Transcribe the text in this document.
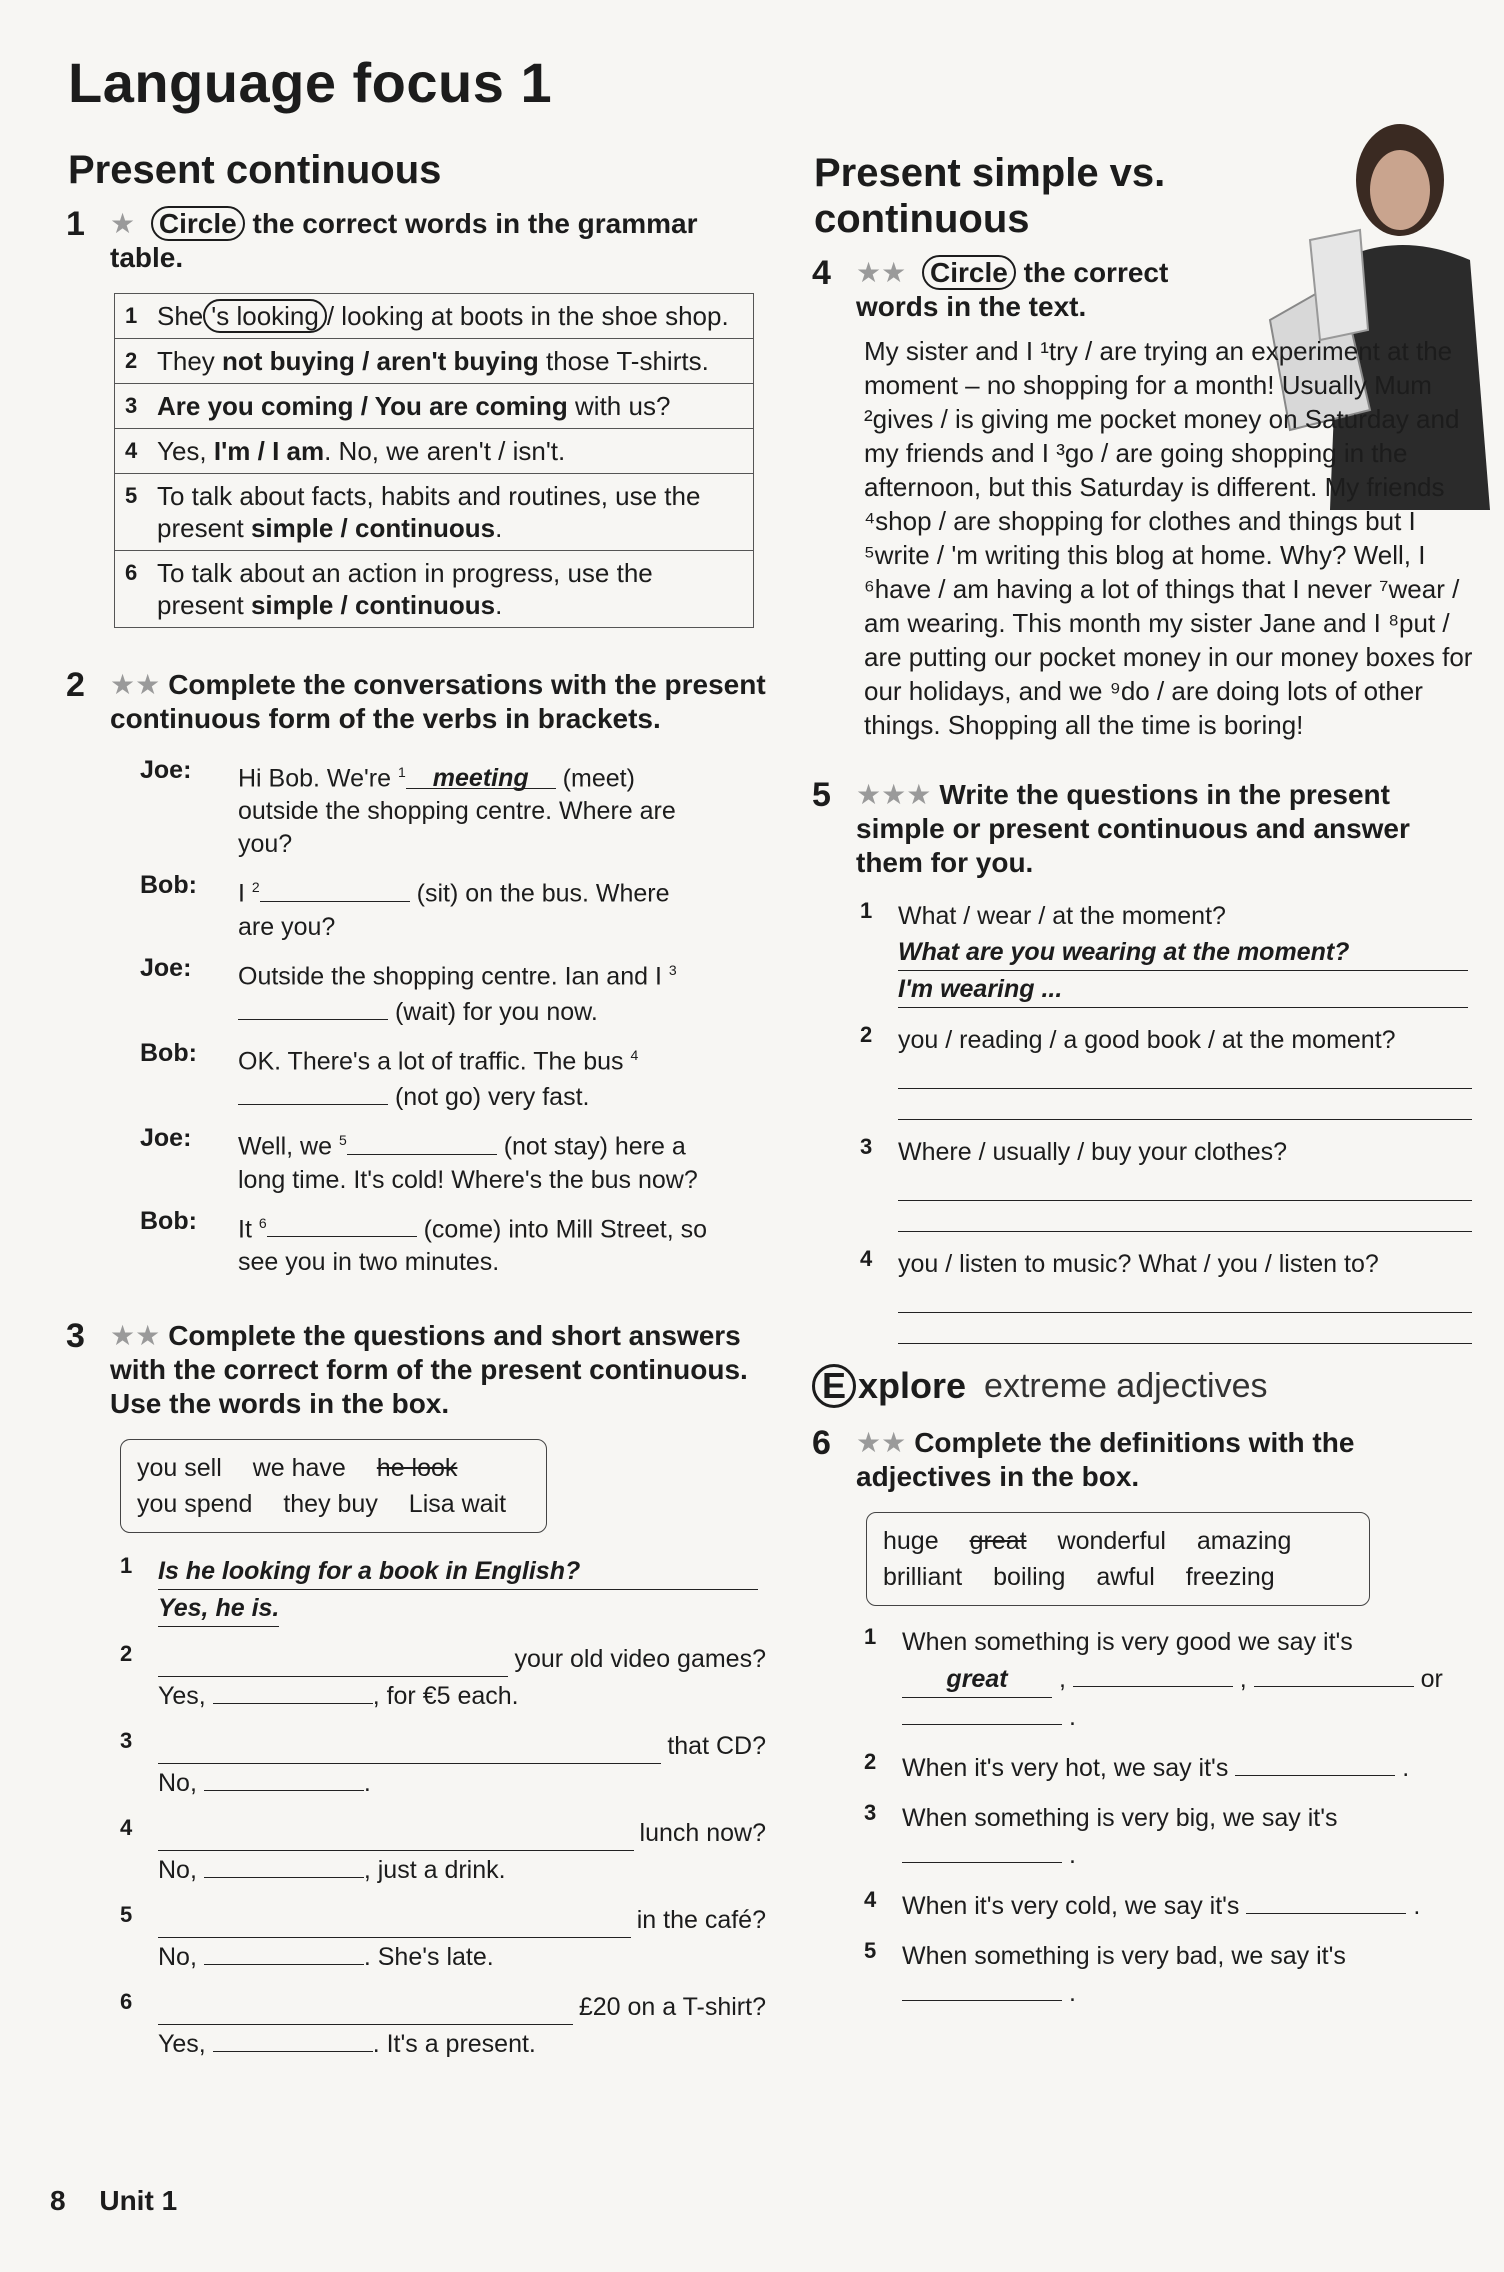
Language focus 1
Present continuous
1 ★ Circle the correct words in the grammar table.
1	She 's looking / looking at boots in the shoe shop.
2	They not buying / aren't buying those T-shirts.
3	Are you coming / You are coming with us?
4	Yes, I'm / I am. No, we aren't / isn't.
5	To talk about facts, habits and routines, use the present simple / continuous.
6	To talk about an action in progress, use the present simple / continuous.
2 ★★ Complete the conversations with the present continuous form of the verbs in brackets.
Joe:	Hi Bob. We're $^1$ meeting (meet) outside the shopping centre. Where are you?
Bob:	I $^2$	(sit) on the bus. Where are you?
Joe:	Outside the shopping centre. Ian and I $^3$ (wait) for you now.
Bob:	OK. There's a lot of traffic. The bus $^4$ (not go) very fast.
Joe:	Well, we $^5$	(not stay) here a long time. It's cold! Where's the bus now?
Bob:	It $^6$	(come) into Mill Street, so see you in two minutes.
3 ★★ Complete the questions and short answers with the correct form of the present continuous. Use the words in the box.
you sell we have he look
you spend they buy Lisa wait
1	Is he looking for a book in English?
Yes, he is.
2	your old video games?
Yes,	, for €5 each.
3	that CD?
No,	.
4	lunch now?
No,	, just a drink.
5	in the café?
No,	. She's late.
6	£20 on a T-shirt?
Yes,	. It's a present.
Present simple vs. continuous
4 ★★ Circle the correct words in the text.

My sister and I ¹try / are trying an experiment at the moment – no shopping for a month! Usually Mum ²gives / is giving me pocket money on Saturday and my friends and I ³go / are going shopping in the afternoon, but this Saturday is different. My friends ⁴shop / are shopping for clothes and things but I ⁵write / 'm writing this blog at home. Why? Well, I ⁶have / am having a lot of things that I never ⁷wear / am wearing. This month my sister Jane and I ⁸put / are putting our pocket money in our money boxes for our holidays, and we ⁹do / are doing lots of other things. Shopping all the time is boring!

5 ★★★ Write the questions in the present simple or present continuous and answer them for you.
1	What / wear / at the moment?
What are you wearing at the moment?
I'm wearing ...
2	you / reading / a good book / at the moment?
3	Where / usually / buy your clothes?
4	you / listen to music? What / you / listen to?
E xplore extreme adjectives
6 ★★ Complete the definitions with the adjectives in the box.
huge great wonderful amazing
brilliant boiling awful freezing
1	When something is very good we say it's
great ,	,	or
.
2	When it's very hot, we say it's	.
3	When something is very big, we say it's
.
4	When it's very cold, we say it's	.
5	When something is very bad, we say it's
.
8 Unit 1
